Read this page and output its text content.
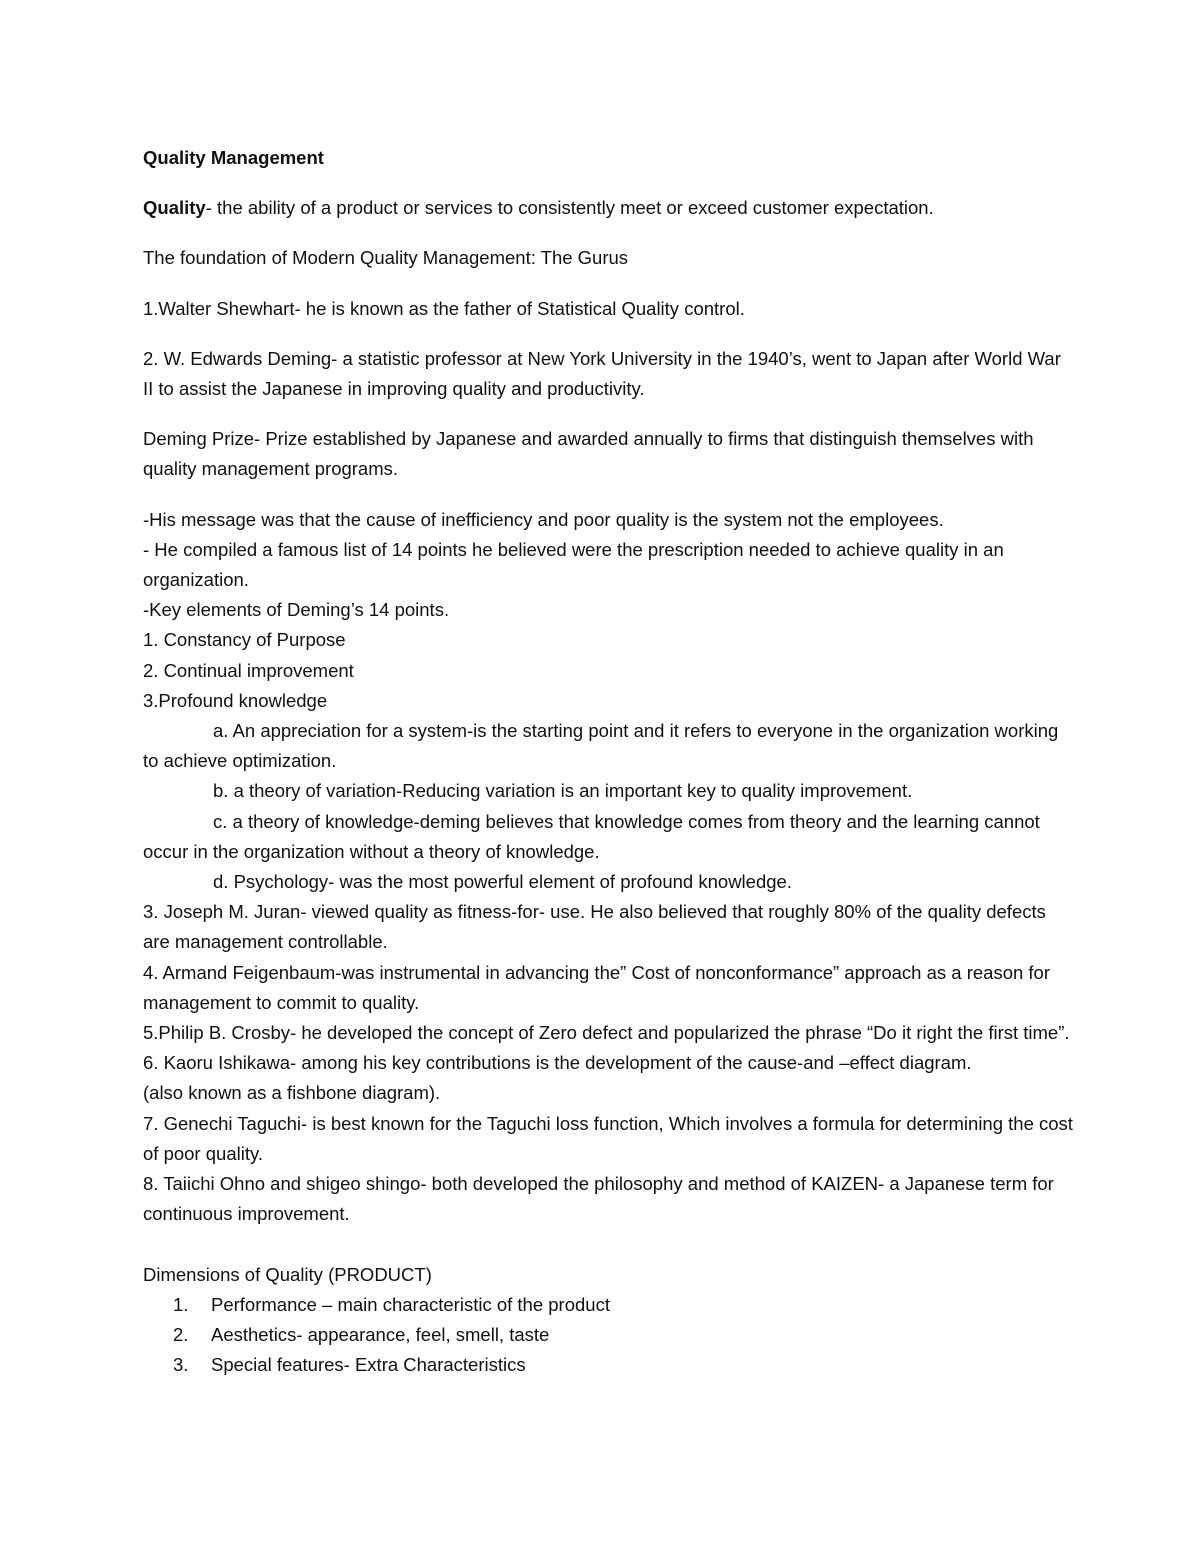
Quality Management

Quality- the ability of a product or services to consistently meet or exceed customer expectation.

The foundation of Modern Quality Management: The Gurus

1.Walter Shewhart- he is known as the father of Statistical Quality control.

2. W. Edwards Deming- a statistic professor at New York University in the 1940’s, went to Japan after World War II to assist the Japanese in improving quality and productivity.

Deming Prize- Prize established by Japanese and awarded annually to firms that distinguish themselves with quality management programs.

-His message was that the cause of inefficiency and poor quality is the system not the employees.

- He compiled a famous list of 14 points he believed were the prescription needed to achieve quality in an organization.

-Key elements of Deming’s 14 points.

1. Constancy of Purpose

2. Continual improvement

3.Profound knowledge

a. An appreciation for a system-is the starting point and it refers to everyone in the organization working to achieve optimization.

b. a theory of variation-Reducing variation is an important key to quality improvement.

c. a theory of knowledge-deming believes that knowledge comes from theory and the learning cannot occur in the organization without a theory of knowledge.

d. Psychology- was the most powerful element of profound knowledge.

3. Joseph M. Juran- viewed quality as fitness-for- use. He also believed that roughly 80% of the quality defects are management controllable.

4. Armand Feigenbaum-was instrumental in advancing the” Cost of nonconformance” approach as a reason for management to commit to quality.

5.Philip B. Crosby- he developed the concept of Zero defect and popularized the phrase “Do it right the first time”.

6. Kaoru Ishikawa- among his key contributions is the development of the cause-and –effect diagram.

(also known as a fishbone diagram).

7. Genechi Taguchi- is best known for the Taguchi loss function, Which involves a formula for determining the cost of poor quality.

8. Taiichi Ohno and shigeo shingo- both developed the philosophy and method of KAIZEN- a Japanese term for continuous improvement.

Dimensions of Quality (PRODUCT)

1. Performance – main characteristic of the product
2. Aesthetics- appearance, feel, smell, taste
3. Special features- Extra Characteristics
